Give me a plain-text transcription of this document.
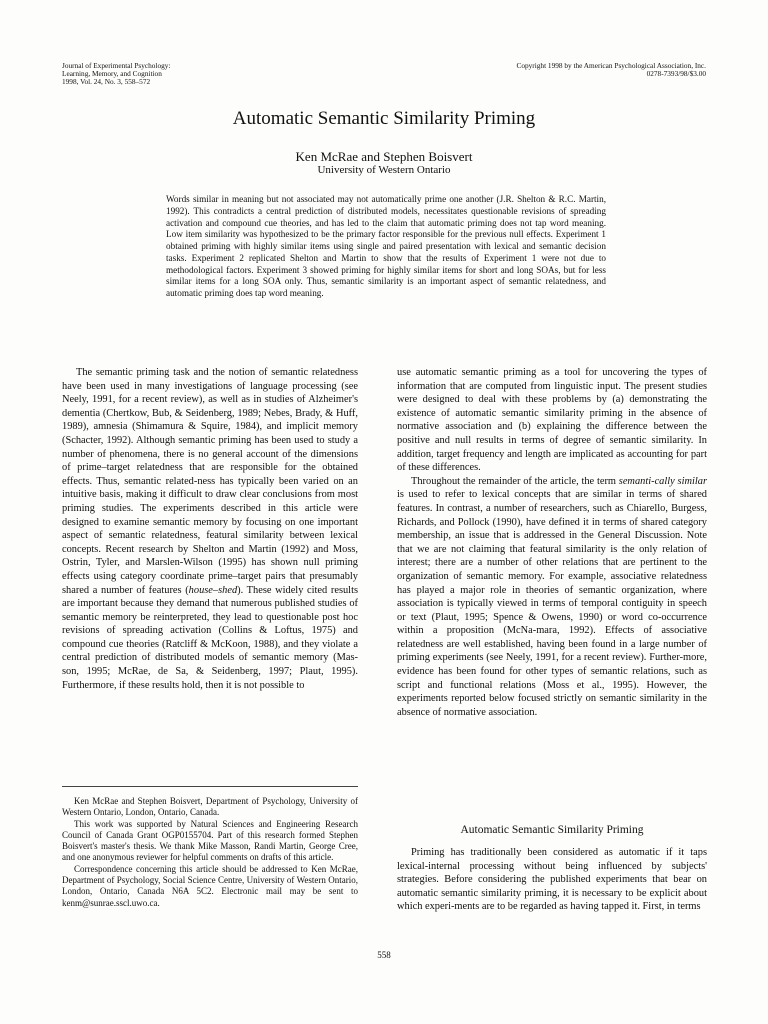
Journal of Experimental Psychology:
Learning, Memory, and Cognition
1998, Vol. 24, No. 3, 558–572
Copyright 1998 by the American Psychological Association, Inc.
0278-7393/98/$3.00
Automatic Semantic Similarity Priming
Ken McRae and Stephen Boisvert
University of Western Ontario
Words similar in meaning but not associated may not automatically prime one another (J.R. Shelton & R.C. Martin, 1992). This contradicts a central prediction of distributed models, necessitates questionable revisions of spreading activation and compound cue theories, and has led to the claim that automatic priming does not tap word meaning. Low item similarity was hypothesized to be the primary factor responsible for the previous null effects. Experiment 1 obtained priming with highly similar items using single and paired presentation with lexical and semantic decision tasks. Experiment 2 replicated Shelton and Martin to show that the results of Experiment 1 were not due to methodological factors. Experiment 3 showed priming for highly similar items for short and long SOAs, but for less similar items for a long SOA only. Thus, semantic similarity is an important aspect of semantic relatedness, and automatic priming does tap word meaning.

The semantic priming task and the notion of semantic relatedness have been used in many investigations of language processing (see Neely, 1991, for a recent review), as well as in studies of Alzheimer's dementia (Chertkow, Bub, & Seidenberg, 1989; Nebes, Brady, & Huff, 1989), amnesia (Shimamura & Squire, 1984), and implicit memory (Schacter, 1992). Although semantic priming has been used to study a number of phenomena, there is no general account of the dimensions of prime–target relatedness that are responsible for the obtained effects. Thus, semantic related-ness has typically been varied on an intuitive basis, making it difficult to draw clear conclusions from most priming studies. The experiments described in this article were designed to examine semantic memory by focusing on one important aspect of semantic relatedness, featural similarity between lexical concepts. Recent research by Shelton and Martin (1992) and Moss, Ostrin, Tyler, and Marslen-Wilson (1995) has shown null priming effects using category coordinate prime–target pairs that presumably shared a number of features (house–shed). These widely cited results are important because they demand that numerous published studies of semantic memory be reinterpreted, they lead to questionable post hoc revisions of spreading activation (Collins & Loftus, 1975) and compound cue theories (Ratcliff & McKoon, 1988), and they violate a central prediction of distributed models of semantic memory (Mas-son, 1995; McRae, de Sa, & Seidenberg, 1997; Plaut, 1995). Furthermore, if these results hold, then it is not possible to

Ken McRae and Stephen Boisvert, Department of Psychology, University of Western Ontario, London, Ontario, Canada.

This work was supported by Natural Sciences and Engineering Research Council of Canada Grant OGP0155704. Part of this research formed Stephen Boisvert's master's thesis. We thank Mike Masson, Randi Martin, George Cree, and one anonymous reviewer for helpful comments on drafts of this article.

Correspondence concerning this article should be addressed to Ken McRae, Department of Psychology, Social Science Centre, University of Western Ontario, London, Ontario, Canada N6A 5C2. Electronic mail may be sent to kenm@sunrae.sscl.uwo.ca.

use automatic semantic priming as a tool for uncovering the types of information that are computed from linguistic input. The present studies were designed to deal with these problems by (a) demonstrating the existence of automatic semantic similarity priming in the absence of normative association and (b) explaining the difference between the positive and null results in terms of degree of semantic similarity. In addition, target frequency and length are implicated as accounting for part of these differences.

Throughout the remainder of the article, the term semanti-cally similar is used to refer to lexical concepts that are similar in terms of shared features. In contrast, a number of researchers, such as Chiarello, Burgess, Richards, and Pollock (1990), have defined it in terms of shared category membership, an issue that is addressed in the General Discussion. Note that we are not claiming that featural similarity is the only relation of interest; there are a number of other relations that are pertinent to the organization of semantic memory. For example, associative relatedness has played a major role in theories of semantic organization, where association is typically viewed in terms of temporal contiguity in speech or text (Plaut, 1995; Spence & Owens, 1990) or word co-occurrence within a proposition (McNa-mara, 1992). Effects of associative relatedness are well established, having been found in a large number of priming experiments (see Neely, 1991, for a recent review). Further-more, evidence has been found for other types of semantic relations, such as script and functional relations (Moss et al., 1995). However, the experiments reported below focused strictly on semantic similarity in the absence of normative association.

Automatic Semantic Similarity Priming

Priming has traditionally been considered as automatic if it taps lexical-internal processing without being influenced by subjects' strategies. Before considering the published experiments that bear on automatic semantic similarity priming, it is necessary to be explicit about which experi-ments are to be regarded as having tapped it. First, in terms

558
